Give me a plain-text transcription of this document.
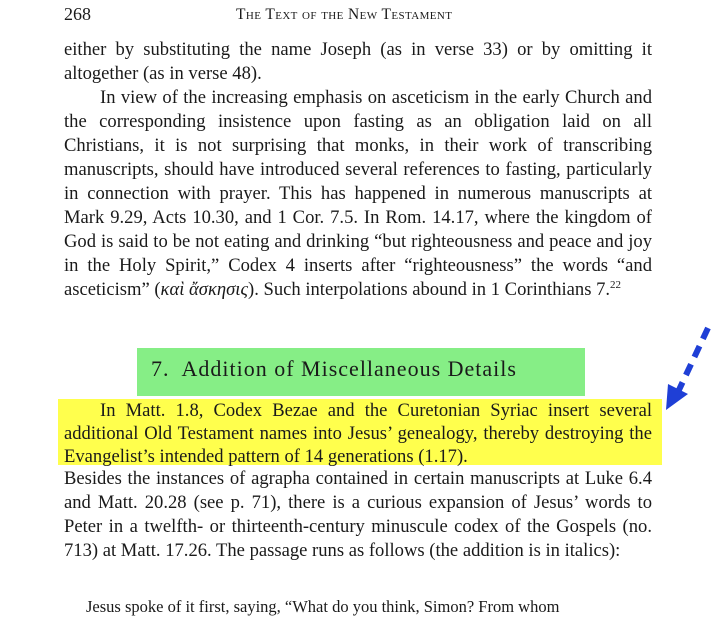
268	The Text of the New Testament

either by substituting the name Joseph (as in verse 33) or by omitting it altogether (as in verse 48).

In view of the increasing emphasis on asceticism in the early Church and the corresponding insistence upon fasting as an obligation laid on all Christians, it is not surprising that monks, in their work of transcribing manuscripts, should have introduced several references to fasting, particularly in connection with prayer. This has happened in numerous manuscripts at Mark 9.29, Acts 10.30, and 1 Cor. 7.5. In Rom. 14.17, where the kingdom of God is said to be not eating and drinking “but righteousness and peace and joy in the Holy Spirit,” Codex 4 inserts after “righteousness” the words “and asceticism” (καὶ ἄσκησις). Such interpolations abound in 1 Corinthians 7.22

7. Addition of Miscellaneous Details

In Matt. 1.8, Codex Bezae and the Curetonian Syriac insert several additional Old Testament names into Jesus’ genealogy, thereby destroying the Evangelist’s intended pattern of 14 generations (1.17).

Besides the instances of agrapha contained in certain manuscripts at Luke 6.4 and Matt. 20.28 (see p. 71), there is a curious expansion of Jesus’ words to Peter in a twelfth- or thirteenth-century minuscule codex of the Gospels (no. 713) at Matt. 17.26. The passage runs as follows (the addition is in italics):

Jesus spoke of it first, saying, “What do you think, Simon? From whom
